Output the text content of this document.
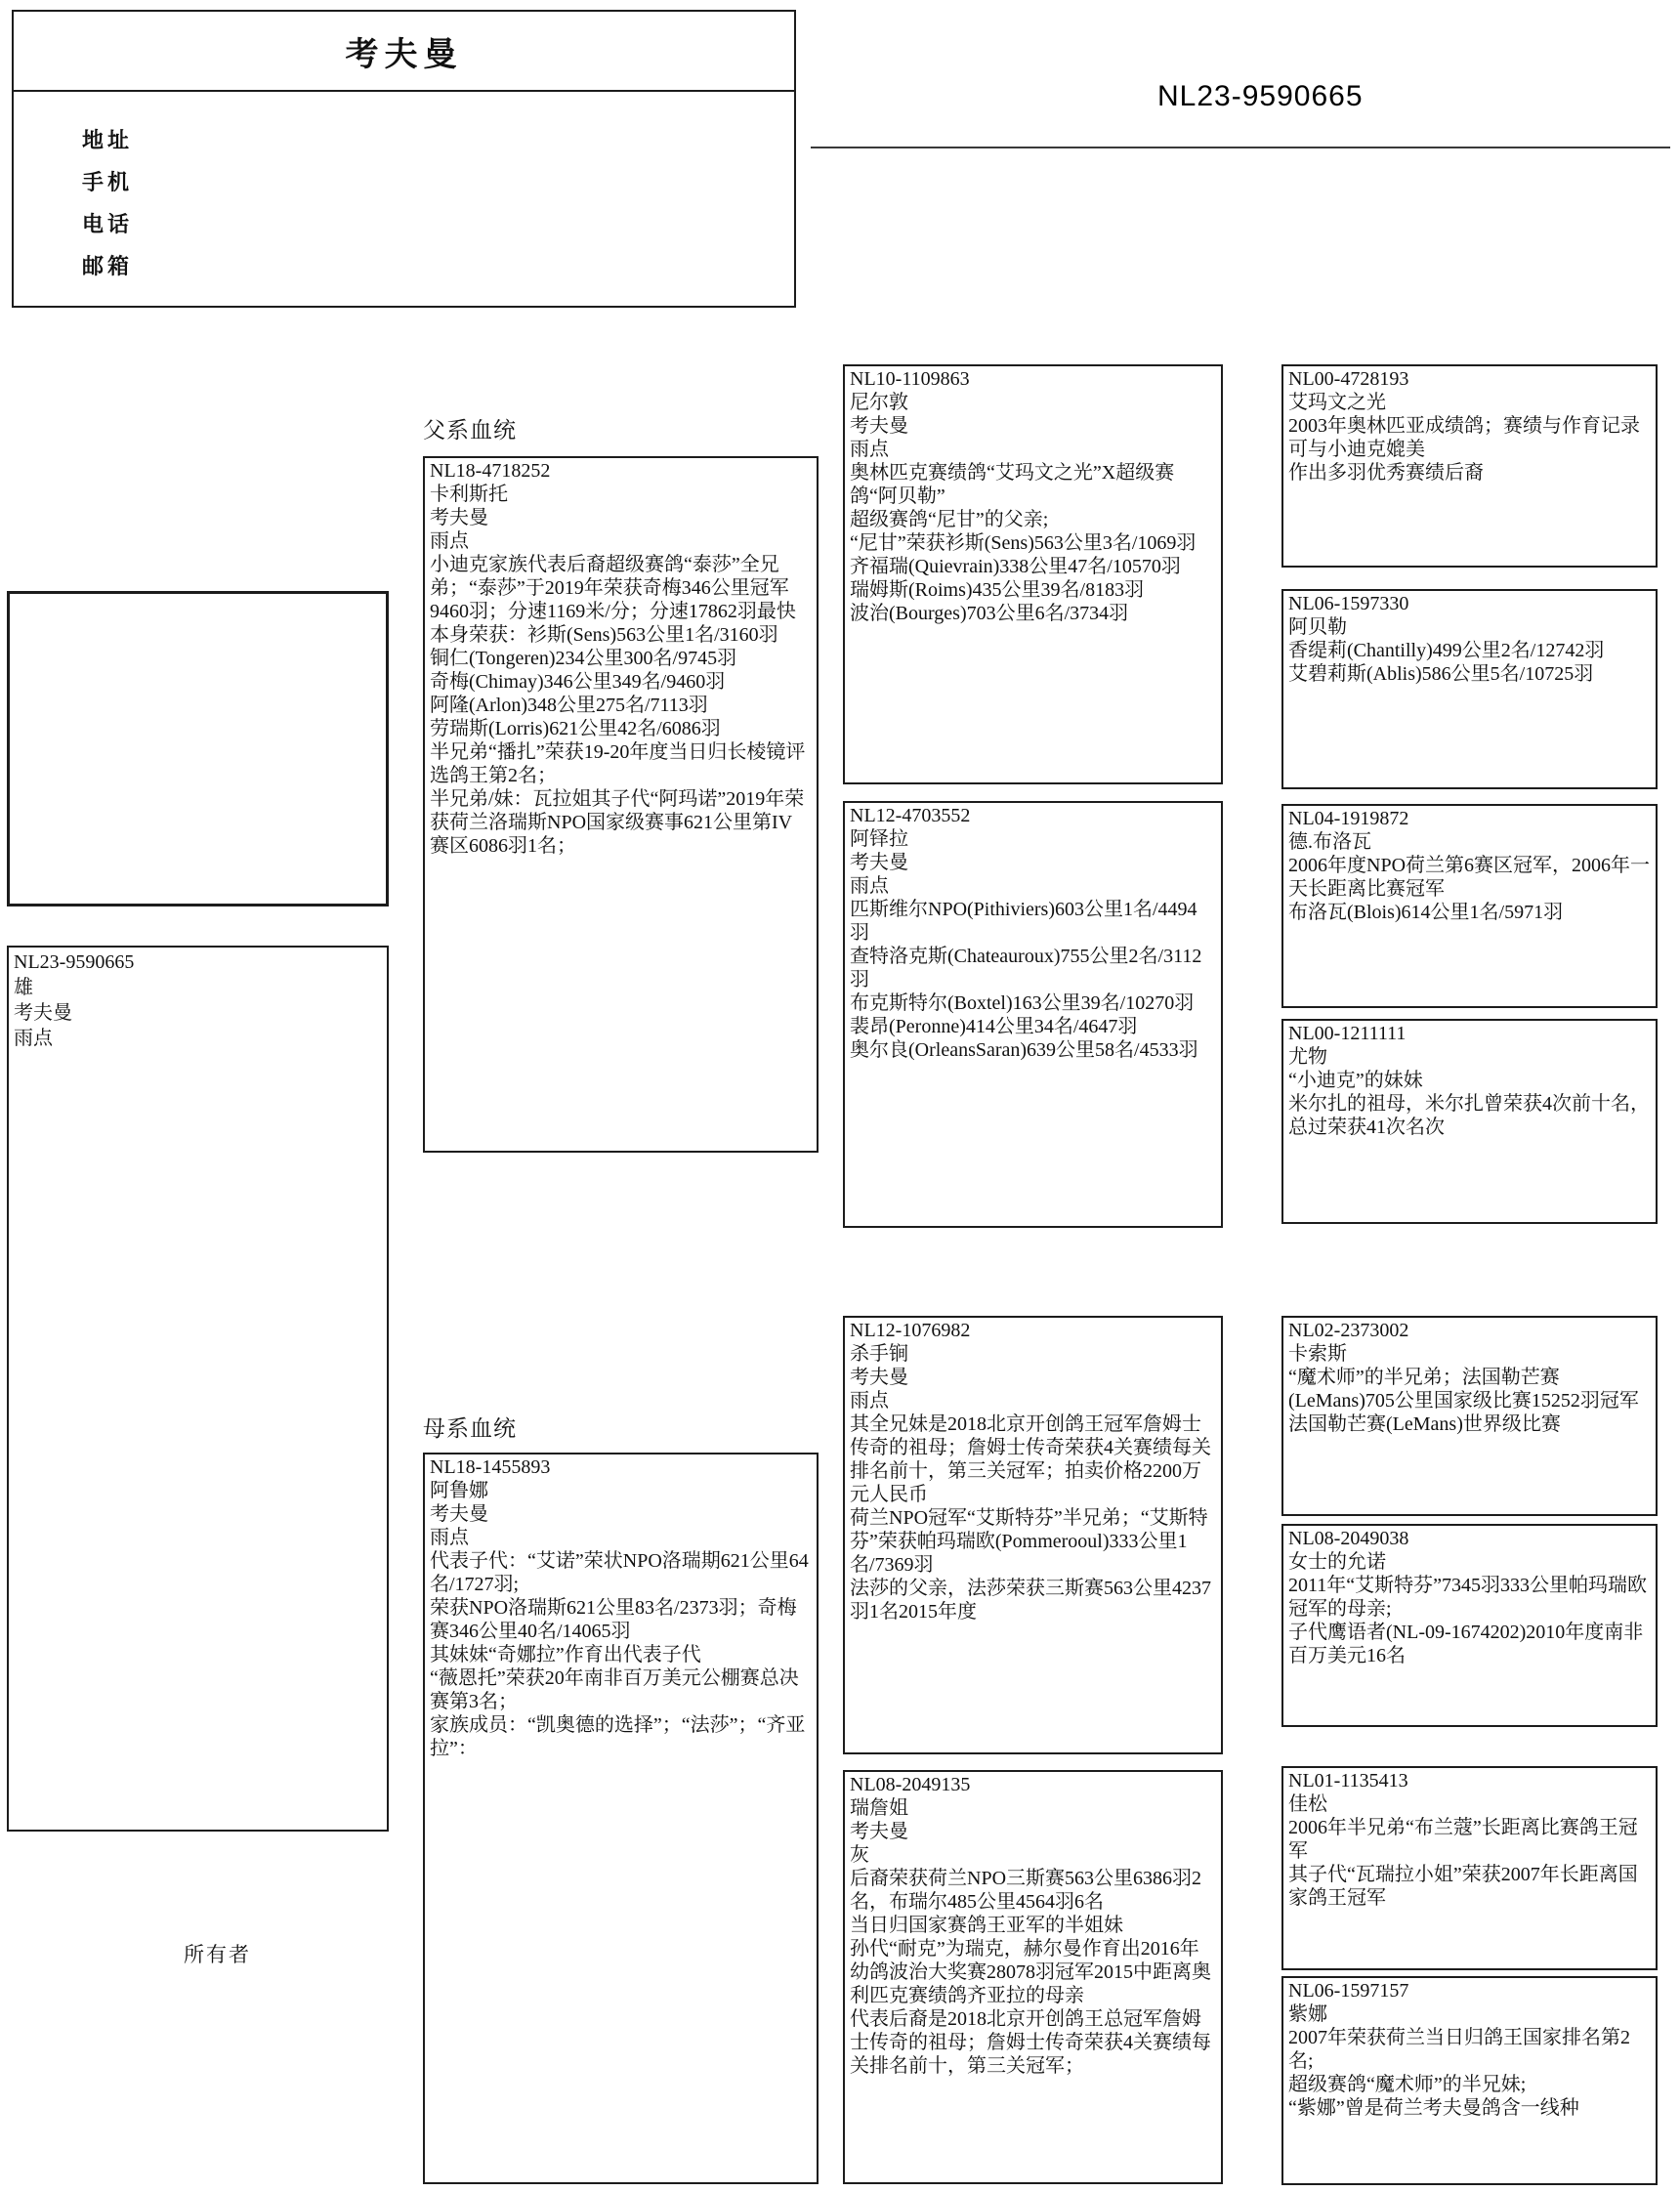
考夫曼
地址
手机
电话
邮箱
NL23-9590665
NL23-9590665
雄
考夫曼
雨点
所有者
父系血统
母系血统
NL18-4718252
卡利斯托
考夫曼
雨点
小迪克家族代表后裔超级赛鸽“泰莎”全兄弟；“泰莎”于2019年荣获奇梅346公里冠军9460羽；分速1169米/分；分速17862羽最快
本身荣获：衫斯(Sens)563公里1名/3160羽
铜仁(Tongeren)234公里300名/9745羽
奇梅(Chimay)346公里349名/9460羽
阿隆(Arlon)348公里275名/7113羽
劳瑞斯(Lorris)621公里42名/6086羽
半兄弟“播扎”荣获19-20年度当日归长棱镜评选鸽王第2名；
半兄弟/妹：瓦拉姐其子代“阿玛诺”2019年荣获荷兰洛瑞斯NPO国家级赛事621公里第IV赛区6086羽1名；
NL18-1455893
阿鲁娜
考夫曼
雨点
代表子代：“艾诺”荣状NPO洛瑞期621公里64名/1727羽;
荣获NPO洛瑞斯621公里83名/2373羽；奇梅赛346公里40名/14065羽
其妹妹“奇娜拉”作育出代表子代
“薇恩托”荣获20年南非百万美元公棚赛总决赛第3名；
家族成员：“凯奥德的选择”；“法莎”；“齐亚拉”：
NL10-1109863
尼尔敦
考夫曼
雨点
奥林匹克赛绩鸽“艾玛文之光”X超级赛鸽“阿贝勒”
超级赛鸽“尼甘”的父亲;
“尼甘”荣获衫斯(Sens)563公里3名/1069羽
齐福瑞(Quievrain)338公里47名/10570羽
瑞姆斯(Roims)435公里39名/8183羽
波治(Bourges)703公里6名/3734羽
NL12-4703552
阿铎拉
考夫曼
雨点
匹斯维尔NPO(Pithiviers)603公里1名/4494羽
查特洛克斯(Chateauroux)755公里2名/3112羽
布克斯特尔(Boxtel)163公里39名/10270羽
裴昂(Peronne)414公里34名/4647羽
奥尔良(OrleansSaran)639公里58名/4533羽
NL12-1076982
杀手锏
考夫曼
雨点
其全兄妹是2018北京开创鸽王冠军詹姆士传奇的祖母；詹姆士传奇荣获4关赛绩每关排名前十，第三关冠军；拍卖价格2200万元人民币
荷兰NPO冠军“艾斯特芬”半兄弟；“艾斯特芬”荣获帕玛瑞欧(Pommerooul)333公里1名/7369羽
法莎的父亲，法莎荣获三斯赛563公里4237羽1名2015年度
NL08-2049135
瑞詹姐
考夫曼
灰
后裔荣获荷兰NPO三斯赛563公里6386羽2名，布瑞尔485公里4564羽6名
当日归国家赛鸽王亚军的半姐妹
孙代“耐克”为瑞克，赫尔曼作育出2016年幼鸽波治大奖赛28078羽冠军2015中距离奥利匹克赛绩鸽齐亚拉的母亲
代表后裔是2018北京开创鸽王总冠军詹姆士传奇的祖母；詹姆士传奇荣获4关赛绩每关排名前十，第三关冠军；
NL00-4728193
艾玛文之光
2003年奥林匹亚成绩鸽；赛绩与作育记录可与小迪克媲美
作出多羽优秀赛绩后裔
NL06-1597330
阿贝勒
香缇莉(Chantilly)499公里2名/12742羽
艾碧莉斯(Ablis)586公里5名/10725羽
NL04-1919872
德.布洛瓦
2006年度NPO荷兰第6赛区冠军，2006年一天长距离比赛冠军
布洛瓦(Blois)614公里1名/5971羽
NL00-1211111
尤物
“小迪克”的妹妹
米尔扎的祖母，米尔扎曾荣获4次前十名，总过荣获41次名次
NL02-2373002
卡索斯
“魔术师”的半兄弟；法国勒芒赛(LeMans)705公里国家级比赛15252羽冠军
法国勒芒赛(LeMans)世界级比赛
NL08-2049038
女士的允诺
2011年“艾斯特芬”7345羽333公里帕玛瑞欧冠军的母亲;
子代鹰语者(NL-09-1674202)2010年度南非百万美元16名
NL01-1135413
佳松
2006年半兄弟“布兰蔻”长距离比赛鸽王冠军
其子代“瓦瑞拉小姐”荣获2007年长距离国家鸽王冠军
NL06-1597157
紫娜
2007年荣获荷兰当日归鸽王国家排名第2名;
超级赛鸽“魔术师”的半兄妹;
“紫娜”曾是荷兰考夫曼鸽含一线种
